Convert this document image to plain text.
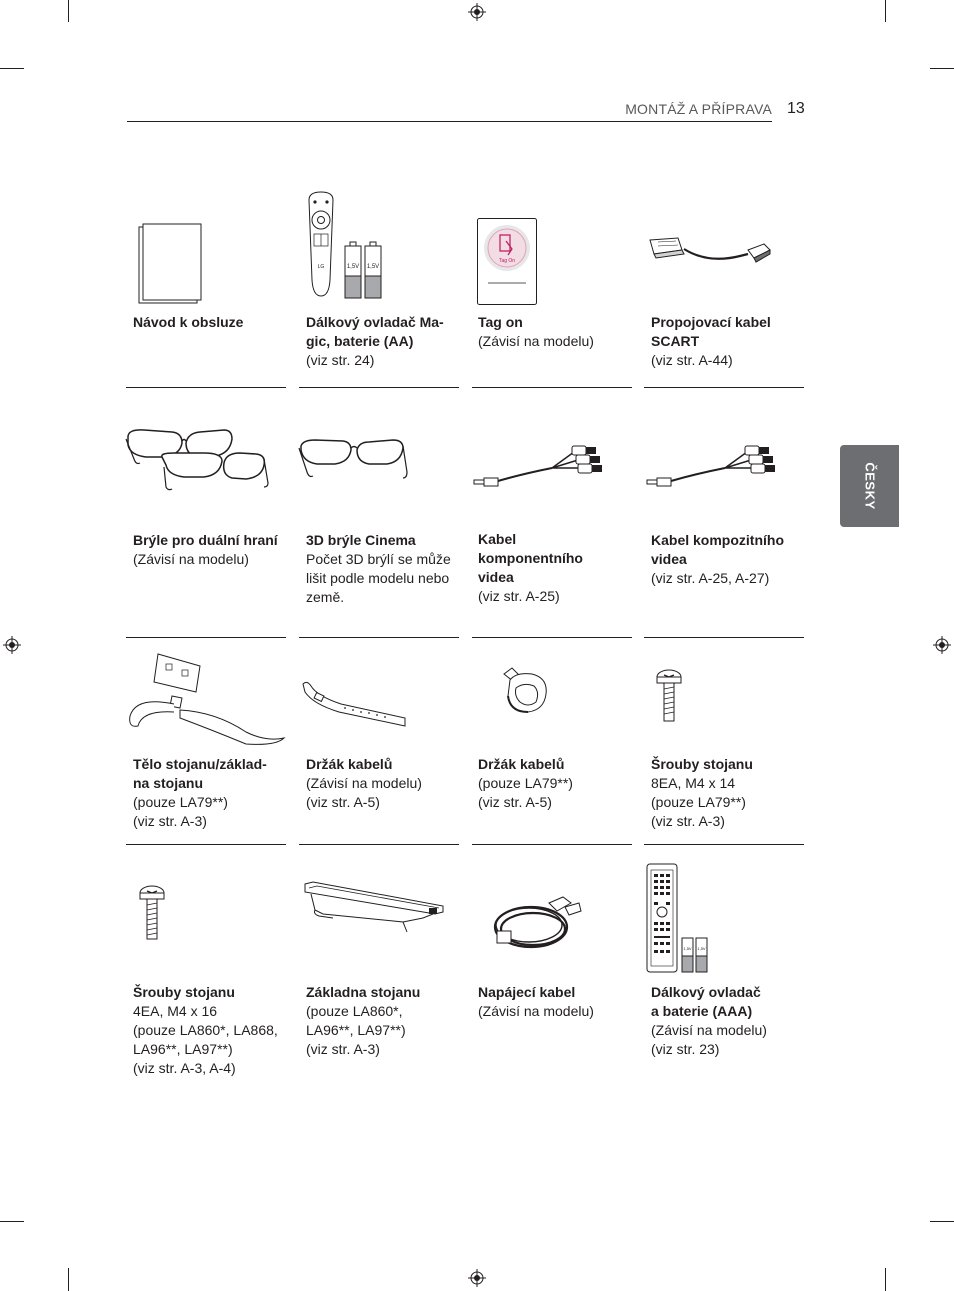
MONTÁŽ A PŘÍPRAVA 13
ČESKY
LG	1,5V 1,5V
Tag On
Návod k obsluze	Dálkový ovladač Ma-
gic, baterie (AA)
(viz str. 24)
Tag on
(Závisí na modelu)
Propojovací kabel
SCART
(viz str. A-44)
Brýle pro duální hraní
(Závisí na modelu)
3D brýle Cinema
Počet 3D brýlí se může
lišit podle modelu nebo
země.
Kabel
komponentního
videa
(viz str. A-25)
Kabel kompozitního
videa
(viz str. A-25, A-27)
Tělo stojanu/základ-
na stojanu
(pouze LA79**)
(viz str. A-3)
Držák kabelů
(Závisí na modelu)
(viz str. A-5)
Držák kabelů
(pouze LA79**)
(viz str. A-5)
Šrouby stojanu
8EA, M4 x 14
(pouze LA79**)
(viz str. A-3)
1,5V 1,5V
Šrouby stojanu
4EA, M4 x 16
(pouze LA860*, LA868,
LA96**, LA97**)
(viz str. A-3, A-4)
Základna stojanu
(pouze LA860*,
LA96**, LA97**)
(viz str. A-3)
Napájecí kabel
(Závisí na modelu)
Dálkový ovladač
a baterie (AAA)
(Závisí na modelu)
(viz str. 23)
